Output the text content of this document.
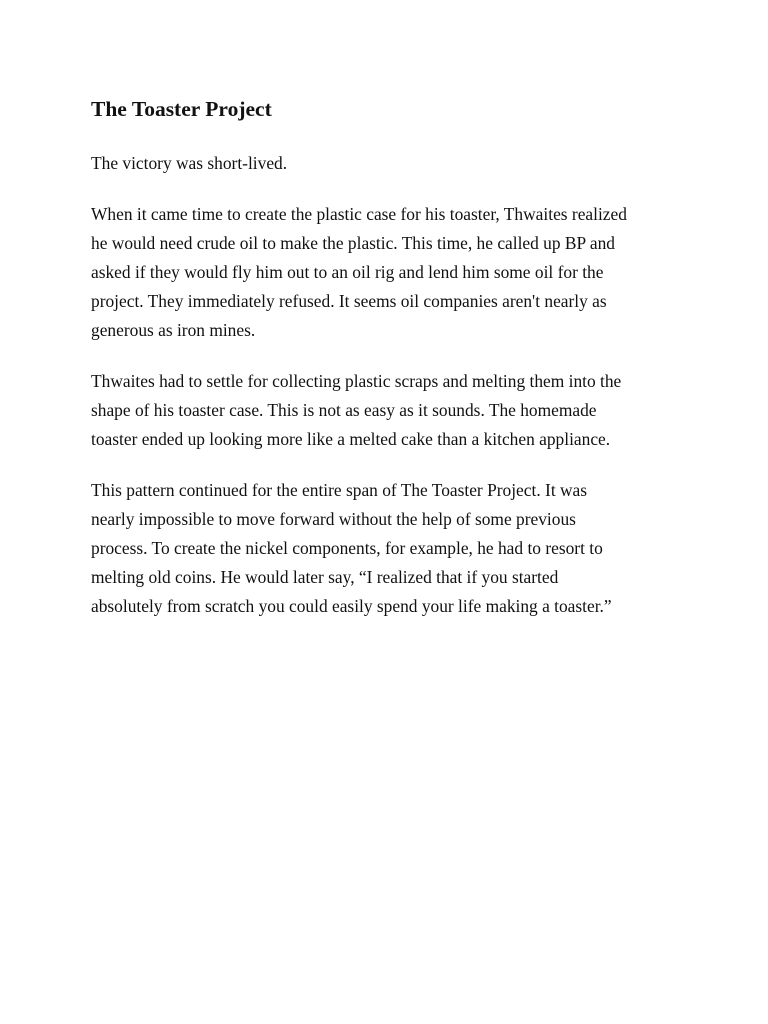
The Toaster Project

The victory was short-lived.

When it came time to create the plastic case for his toaster, Thwaites realized
he would need crude oil to make the plastic. This time, he called up BP and
asked if they would fly him out to an oil rig and lend him some oil for the
project. They immediately refused. It seems oil companies aren't nearly as
generous as iron mines.

Thwaites had to settle for collecting plastic scraps and melting them into the
shape of his toaster case. This is not as easy as it sounds. The homemade
toaster ended up looking more like a melted cake than a kitchen appliance.

This pattern continued for the entire span of The Toaster Project. It was
nearly impossible to move forward without the help of some previous
process. To create the nickel components, for example, he had to resort to
melting old coins. He would later say, “I realized that if you started
absolutely from scratch you could easily spend your life making a toaster.”
